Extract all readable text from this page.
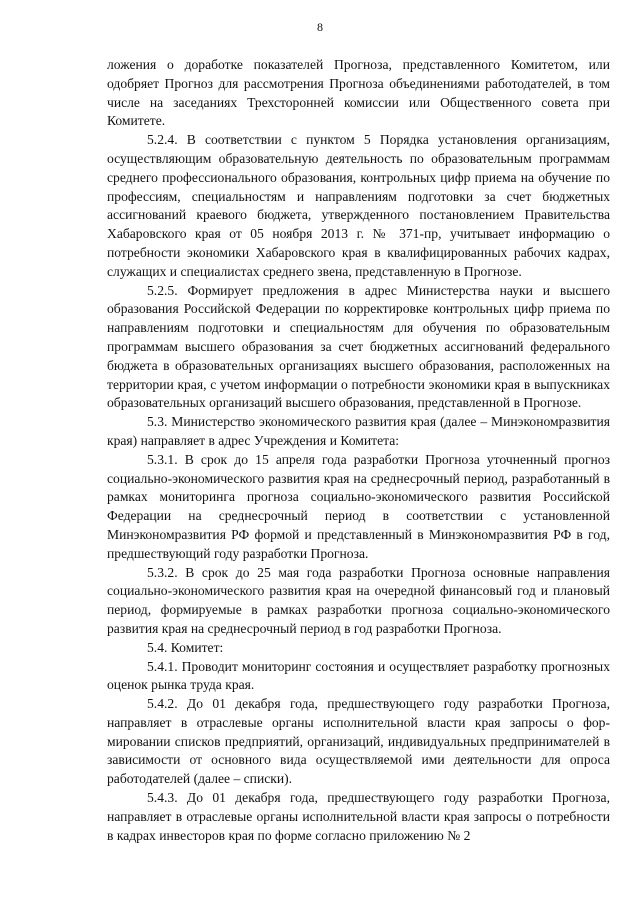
8

ложения о доработке показателей Прогноза, представленного Комитетом, или одобряет Прогноз для рассмотрения Прогноза объединениями работодателей, в том числе на заседаниях Трехсторонней комиссии или Общественного совета при Комитете.

5.2.4. В соответствии с пунктом 5 Порядка установления организациям, осуществляющим образовательную деятельность по образовательным программам среднего профессионального образования, контрольных цифр приема на обучение по профессиям, специальностям и направлениям подготовки за счет бюджетных ассигнований краевого бюджета, утвержденного постановлением Правительства Хабаровского края от 05 ноября 2013 г. № 371-пр, учитывает информацию о потребности экономики Хабаровского края в квалифицированных рабочих кадрах, служащих и специалистах среднего звена, представленную в Прогнозе.

5.2.5. Формирует предложения в адрес Министерства науки и высшего образования Российской Федерации по корректировке контрольных цифр приема по направлениям подготовки и специальностям для обучения по образовательным программам высшего образования за счет бюджетных ассигнований федерального бюджета в образовательных организациях высшего образования, расположенных на территории края, с учетом информации о потребности экономики края в выпускниках образовательных организаций высшего образования, представленной в Прогнозе.

5.3. Министерство экономического развития края (далее – Минэкономразвития края) направляет в адрес Учреждения и Комитета:

5.3.1. В срок до 15 апреля года разработки Прогноза уточненный прогноз социально-экономического развития края на среднесрочный период, разработанный в рамках мониторинга прогноза социально-экономического развития Российской Федерации на среднесрочный период в соответствии с установленной Минэкономразвития РФ формой и представленный в Минэкономразвития РФ в год, предшествующий году разработки Прогноза.

5.3.2. В срок до 25 мая года разработки Прогноза основные направления социально-экономического развития края на очередной финансовый год и плановый период, формируемые в рамках разработки прогноза социально-экономического развития края на среднесрочный период в год разработки Прогноза.

5.4. Комитет:

5.4.1. Проводит мониторинг состояния и осуществляет разработку прогнозных оценок рынка труда края.

5.4.2. До 01 декабря года, предшествующего году разработки Прогноза, направляет в отраслевые органы исполнительной власти края запросы о формировании списков предприятий, организаций, индивидуальных предпринимателей в зависимости от основного вида осуществляемой ими деятельности для опроса работодателей (далее – списки).

5.4.3. До 01 декабря года, предшествующего году разработки Прогноза, направляет в отраслевые органы исполнительной власти края запросы о потребности в кадрах инвесторов края по форме согласно приложению № 2
